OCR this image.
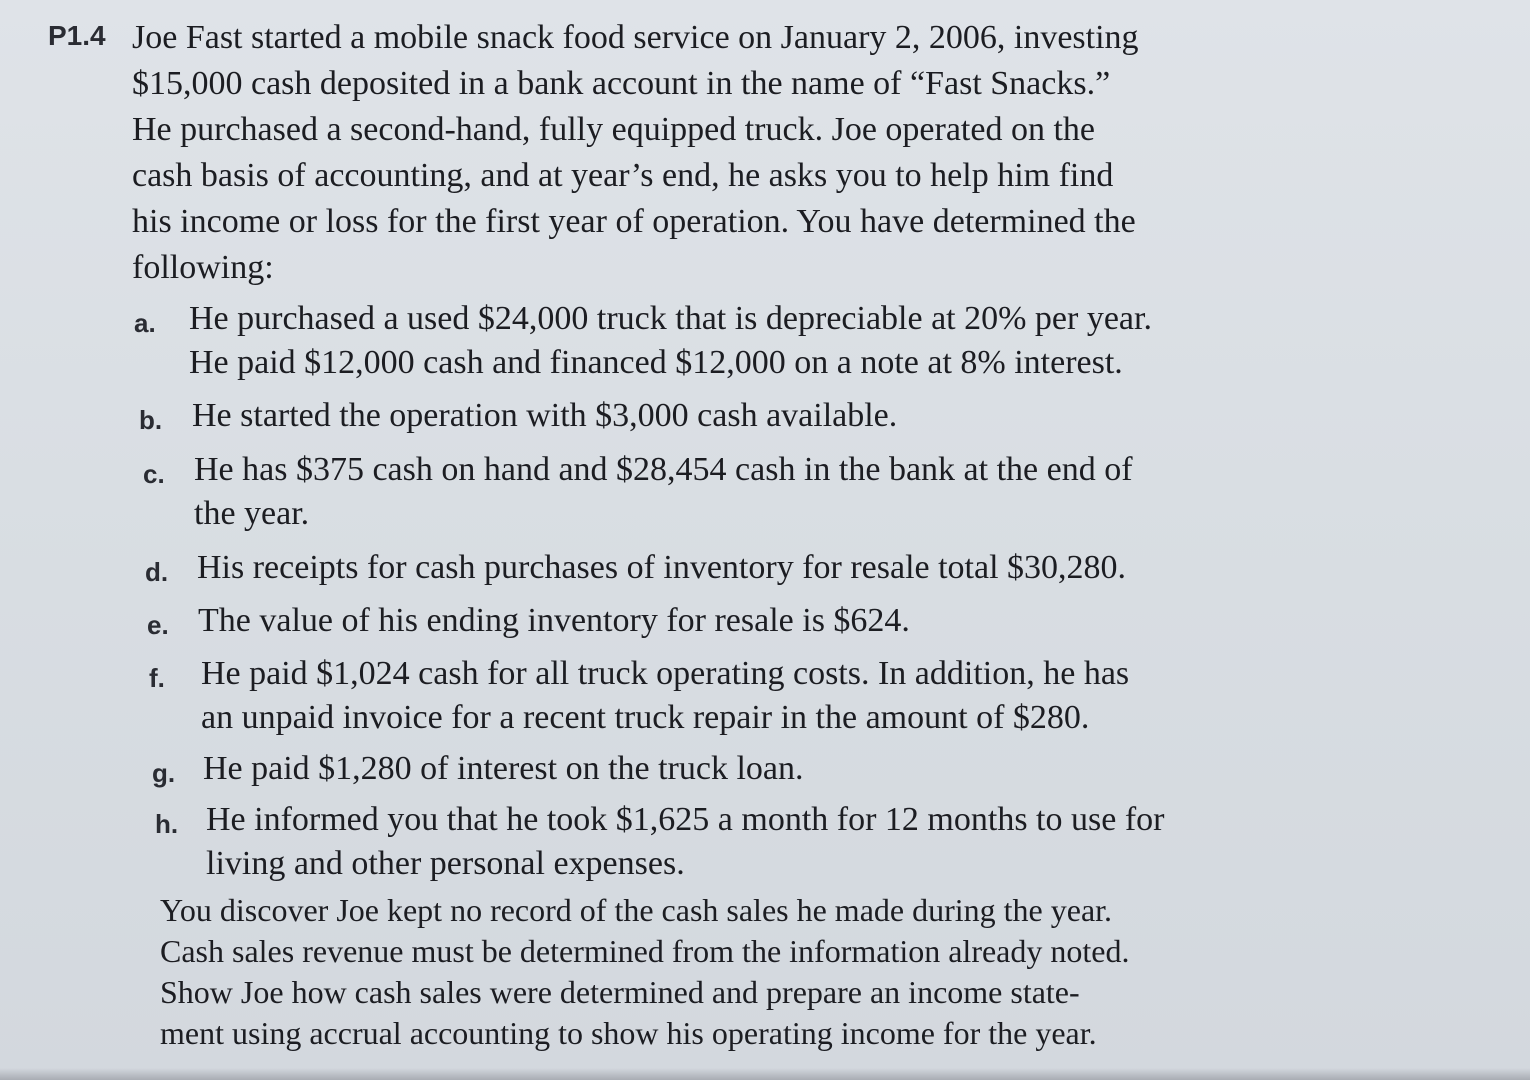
P1.4 Joe Fast started a mobile snack food service on January 2, 2006, investing
$15,000 cash deposited in a bank account in the name of “Fast Snacks.”
He purchased a second-hand, fully equipped truck. Joe operated on the
cash basis of accounting, and at year’s end, he asks you to help him find
his income or loss for the first year of operation. You have determined the
following:
a. He purchased a used $24,000 truck that is depreciable at 20% per year.
He paid $12,000 cash and financed $12,000 on a note at 8% interest.
b. He started the operation with $3,000 cash available.
c. He has $375 cash on hand and $28,454 cash in the bank at the end of
the year.
d. His receipts for cash purchases of inventory for resale total $30,280.
e. The value of his ending inventory for resale is $624.
f. He paid $1,024 cash for all truck operating costs. In addition, he has
an unpaid invoice for a recent truck repair in the amount of $280.
g. He paid $1,280 of interest on the truck loan.
h. He informed you that he took $1,625 a month for 12 months to use for
living and other personal expenses.
You discover Joe kept no record of the cash sales he made during the year.
Cash sales revenue must be determined from the information already noted.
Show Joe how cash sales were determined and prepare an income state-
ment using accrual accounting to show his operating income for the year.
